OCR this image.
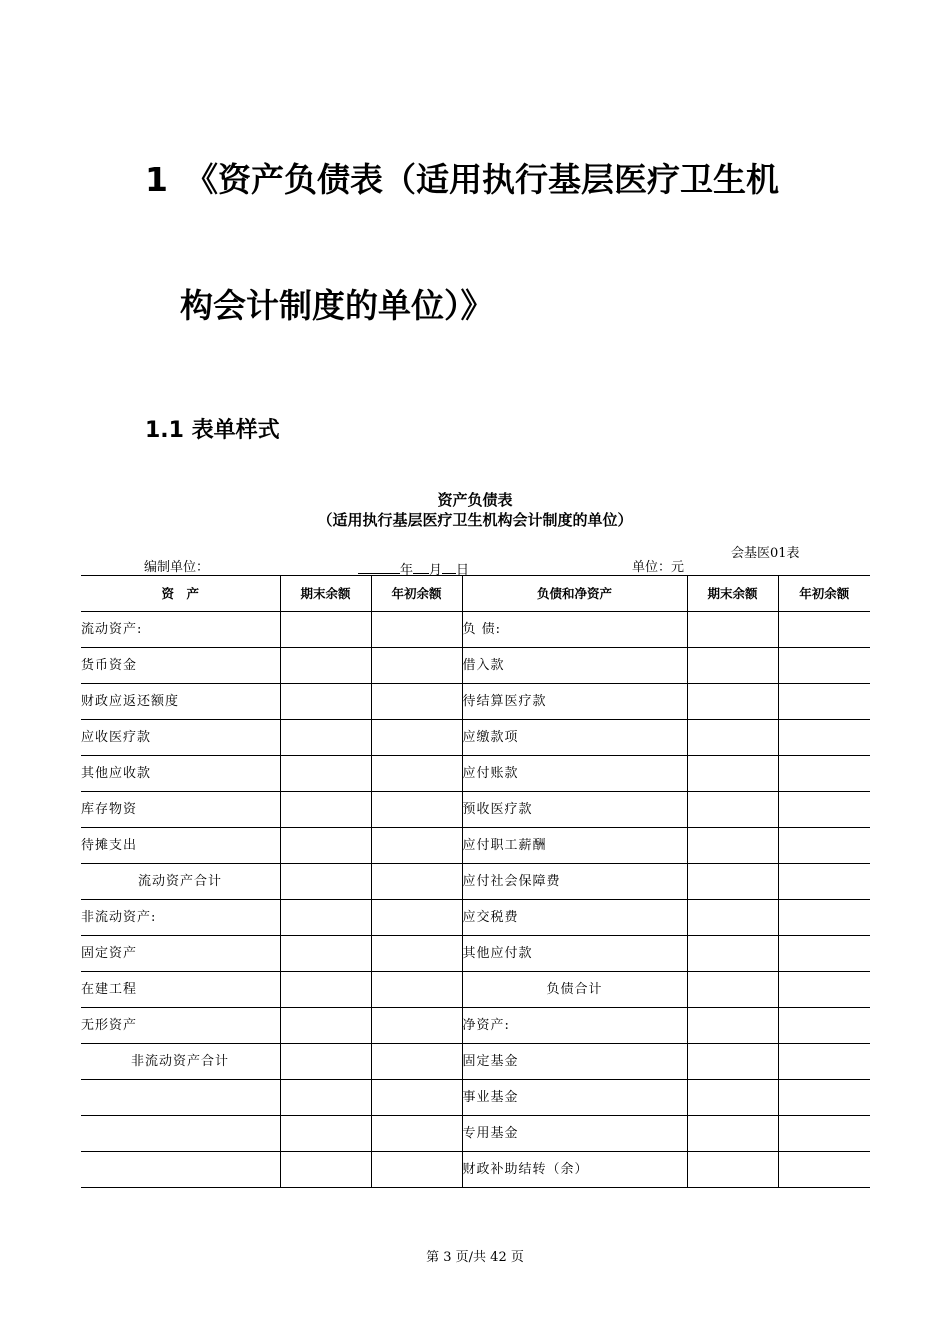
1 《资产负债表（适用执行基层医疗卫生机
构会计制度的单位）》
1.1 表单样式
资产负债表
（适用执行基层医疗卫生机构会计制度的单位）
会基医01表
编制单位：	年 月 日	单位：元
资　产	期末余额	年初余额	负债和净资产	期末余额	年初余额
流动资产:			负 债:		
货币资金			借入款		
财政应返还额度			待结算医疗款		
应收医疗款			应缴款项		
其他应收款			应付账款		
库存物资			预收医疗款		
待摊支出			应付职工薪酬		
流动资产合计			应付社会保障费		
非流动资产:			应交税费		
固定资产			其他应付款		
在建工程			负债合计		
无形资产			净资产:		
非流动资产合计			固定基金		
			事业基金		
			专用基金		
			财政补助结转（余）		
第 3 页/共 42 页
